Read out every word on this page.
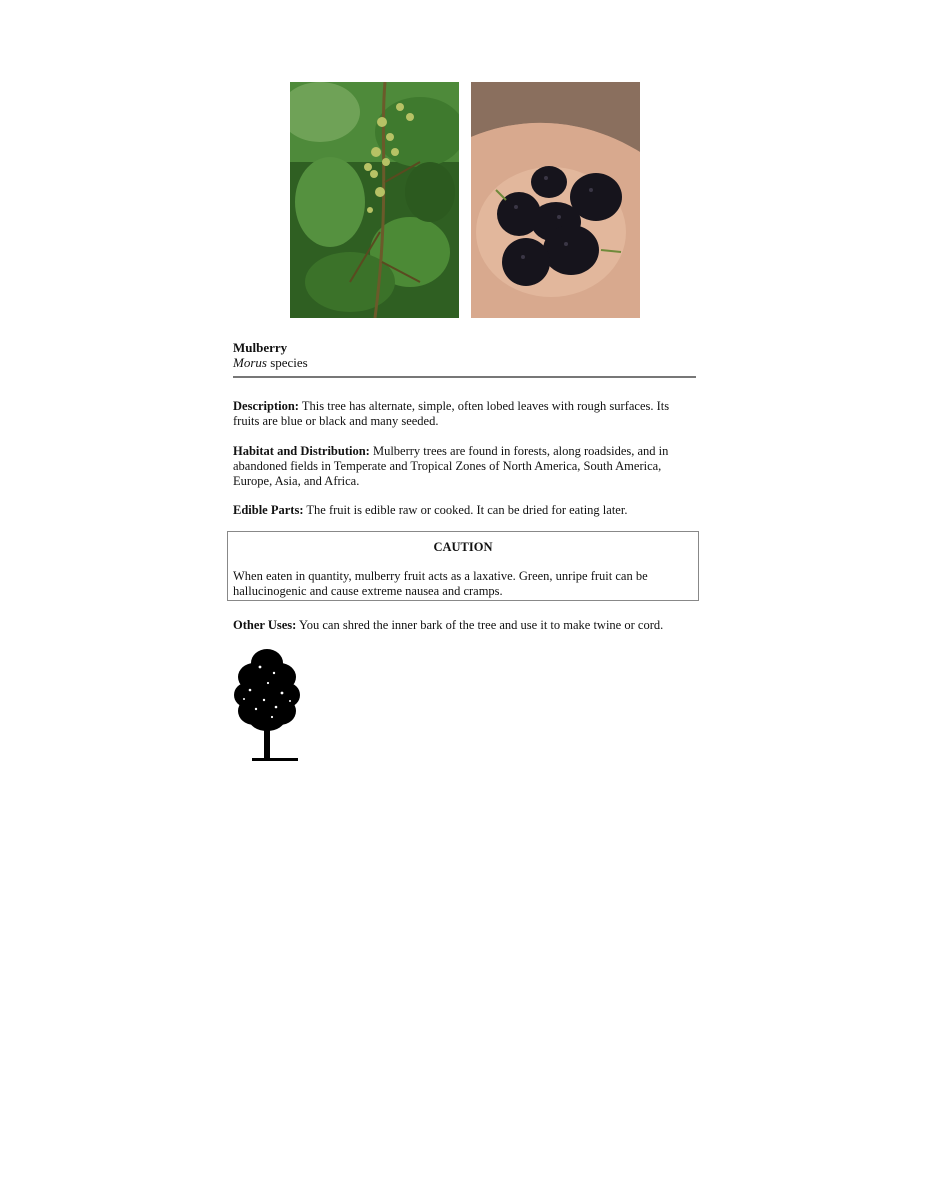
Mulberry
Morus species
Description: This tree has alternate, simple, often lobed leaves with rough surfaces. Its fruits are blue or black and many seeded.
Habitat and Distribution: Mulberry trees are found in forests, along roadsides, and in abandoned fields in Temperate and Tropical Zones of North America, South America, Europe, Asia, and Africa.
Edible Parts: The fruit is edible raw or cooked. It can be dried for eating later.
CAUTION
When eaten in quantity, mulberry fruit acts as a laxative. Green, unripe fruit can be hallucinogenic and cause extreme nausea and cramps.
Other Uses: You can shred the inner bark of the tree and use it to make twine or cord.
